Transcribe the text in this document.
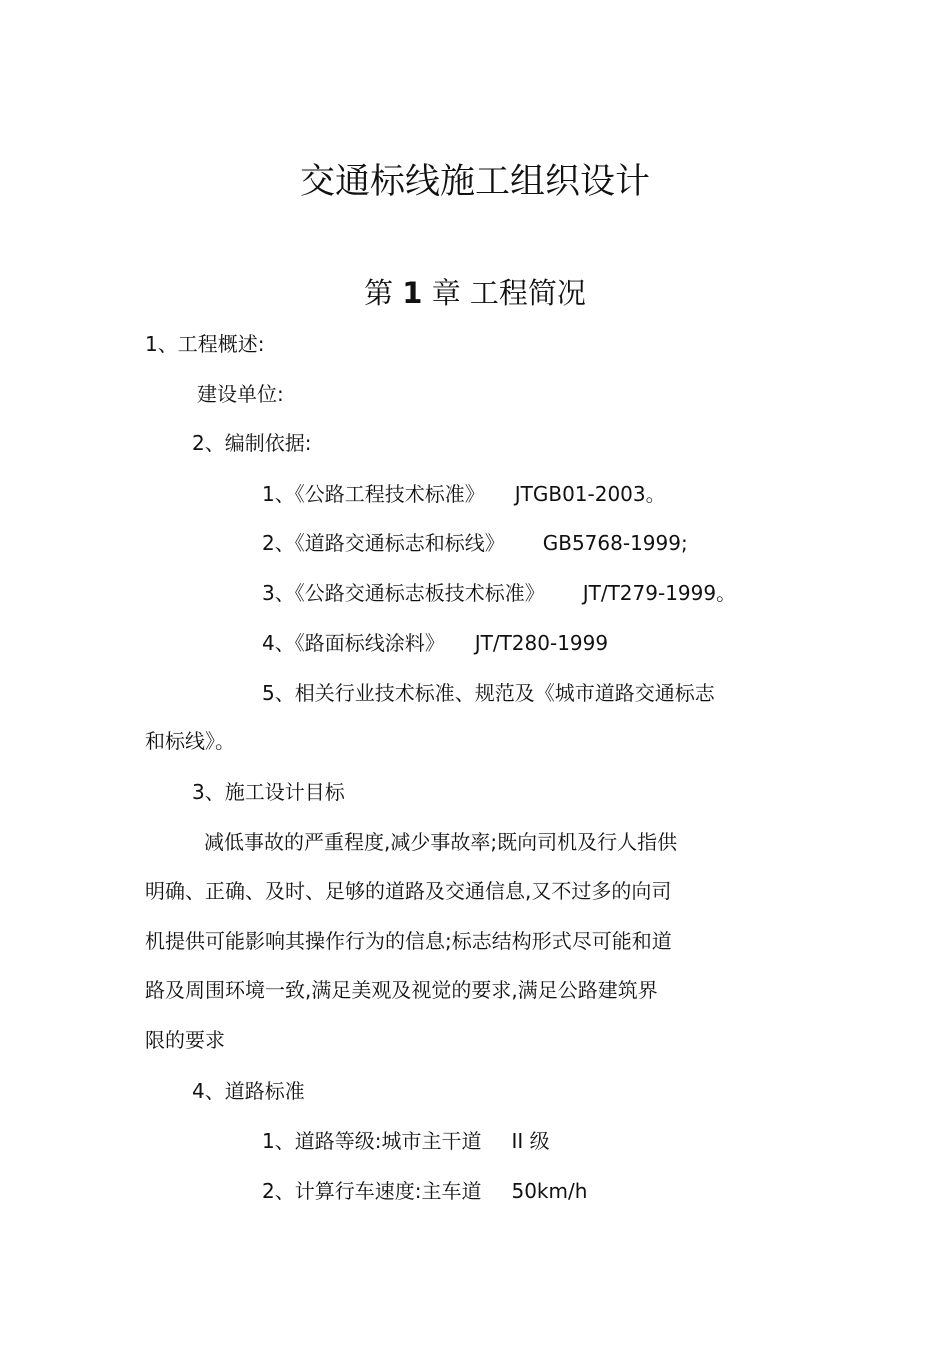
交通标线施工组织设计
第 1 章 工程简况
1、工程概述:
建设单位:
2、编制依据:
1、《公路工程技术标准》 JTGB01-2003。
2、《道路交通标志和标线》 GB5768-1999;
3、《公路交通标志板技术标准》 JT/T279-1999。
4、《路面标线涂料》 JT/T280-1999
5、相关行业技术标准、规范及《城市道路交通标志
和标线》。
3、施工设计目标
减低事故的严重程度,减少事故率;既向司机及行人指供
明确、正确、及时、足够的道路及交通信息,又不过多的向司
机提供可能影响其操作行为的信息;标志结构形式尽可能和道
路及周围环境一致,满足美观及视觉的要求,满足公路建筑界
限的要求
4、道路标准
1、道路等级:城市主干道 II 级
2、计算行车速度:主车道 50km/h
